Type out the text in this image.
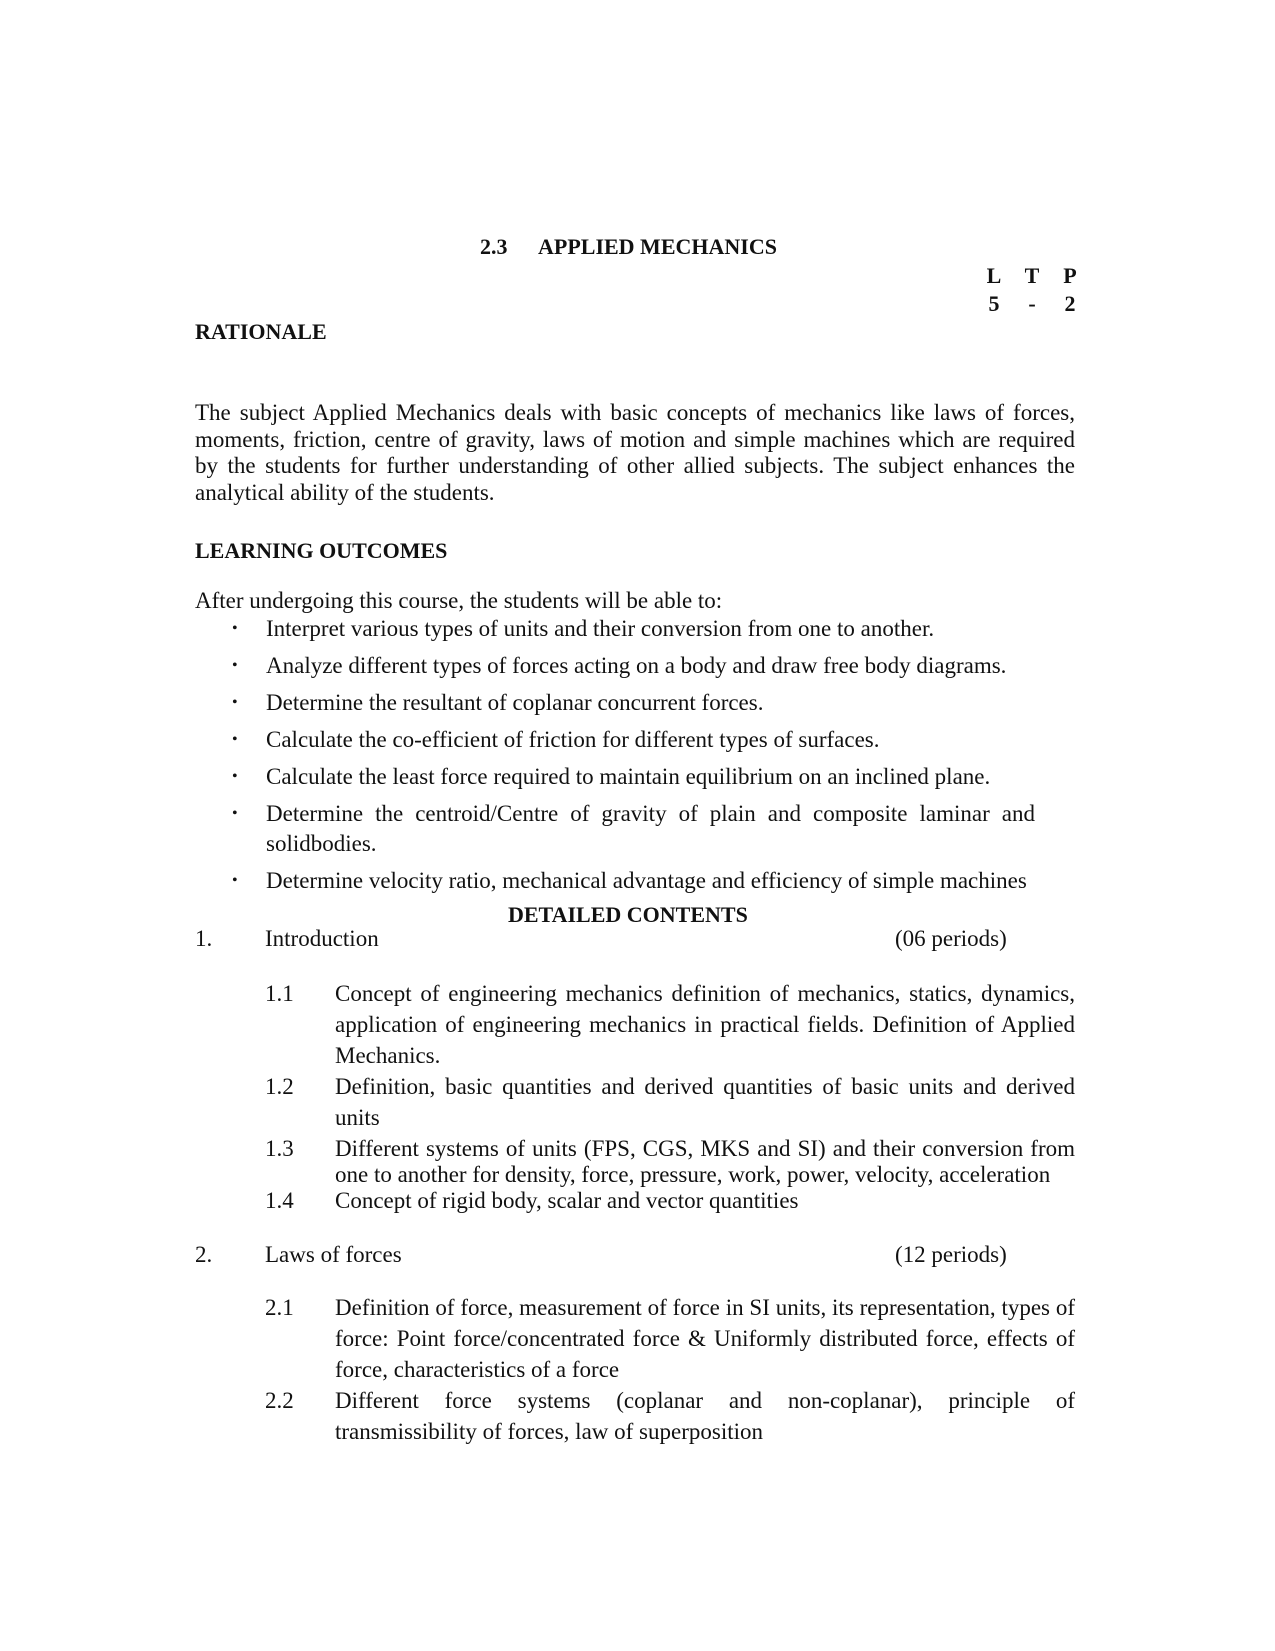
2.3 APPLIED MECHANICS
L	T	P
5	-	2
RATIONALE

The subject Applied Mechanics deals with basic concepts of mechanics like laws of forces, moments, friction, centre of gravity, laws of motion and simple machines which are required by the students for further understanding of other allied subjects. The subject enhances the analytical ability of the students.

LEARNING OUTCOMES
After undergoing this course, the students will be able to:
• Interpret various types of units and their conversion from one to another.
• Analyze different types of forces acting on a body and draw free body diagrams.
• Determine the resultant of coplanar concurrent forces.
• Calculate the co-efficient of friction for different types of surfaces.
• Calculate the least force required to maintain equilibrium on an inclined plane.
• Determine the centroid/Centre of gravity of plain and composite laminar and solidbodies.
• Determine velocity ratio, mechanical advantage and efficiency of simple machines
DETAILED CONTENTS
1.	Introduction	(06 periods)
1.1	Concept of engineering mechanics definition of mechanics, statics, dynamics, application of engineering mechanics in practical fields. Definition of Applied Mechanics.
1.2	Definition, basic quantities and derived quantities of basic units and derived units
1.3	Different systems of units (FPS, CGS, MKS and SI) and their conversion from one to another for density, force, pressure, work, power, velocity, acceleration
1.4	Concept of rigid body, scalar and vector quantities
2.	Laws of forces	(12 periods)
2.1	Definition of force, measurement of force in SI units, its representation, types of force: Point force/concentrated force & Uniformly distributed force, effects of force, characteristics of a force
2.2	Different force systems (coplanar and non-coplanar), principle of transmissibility of forces, law of superposition
